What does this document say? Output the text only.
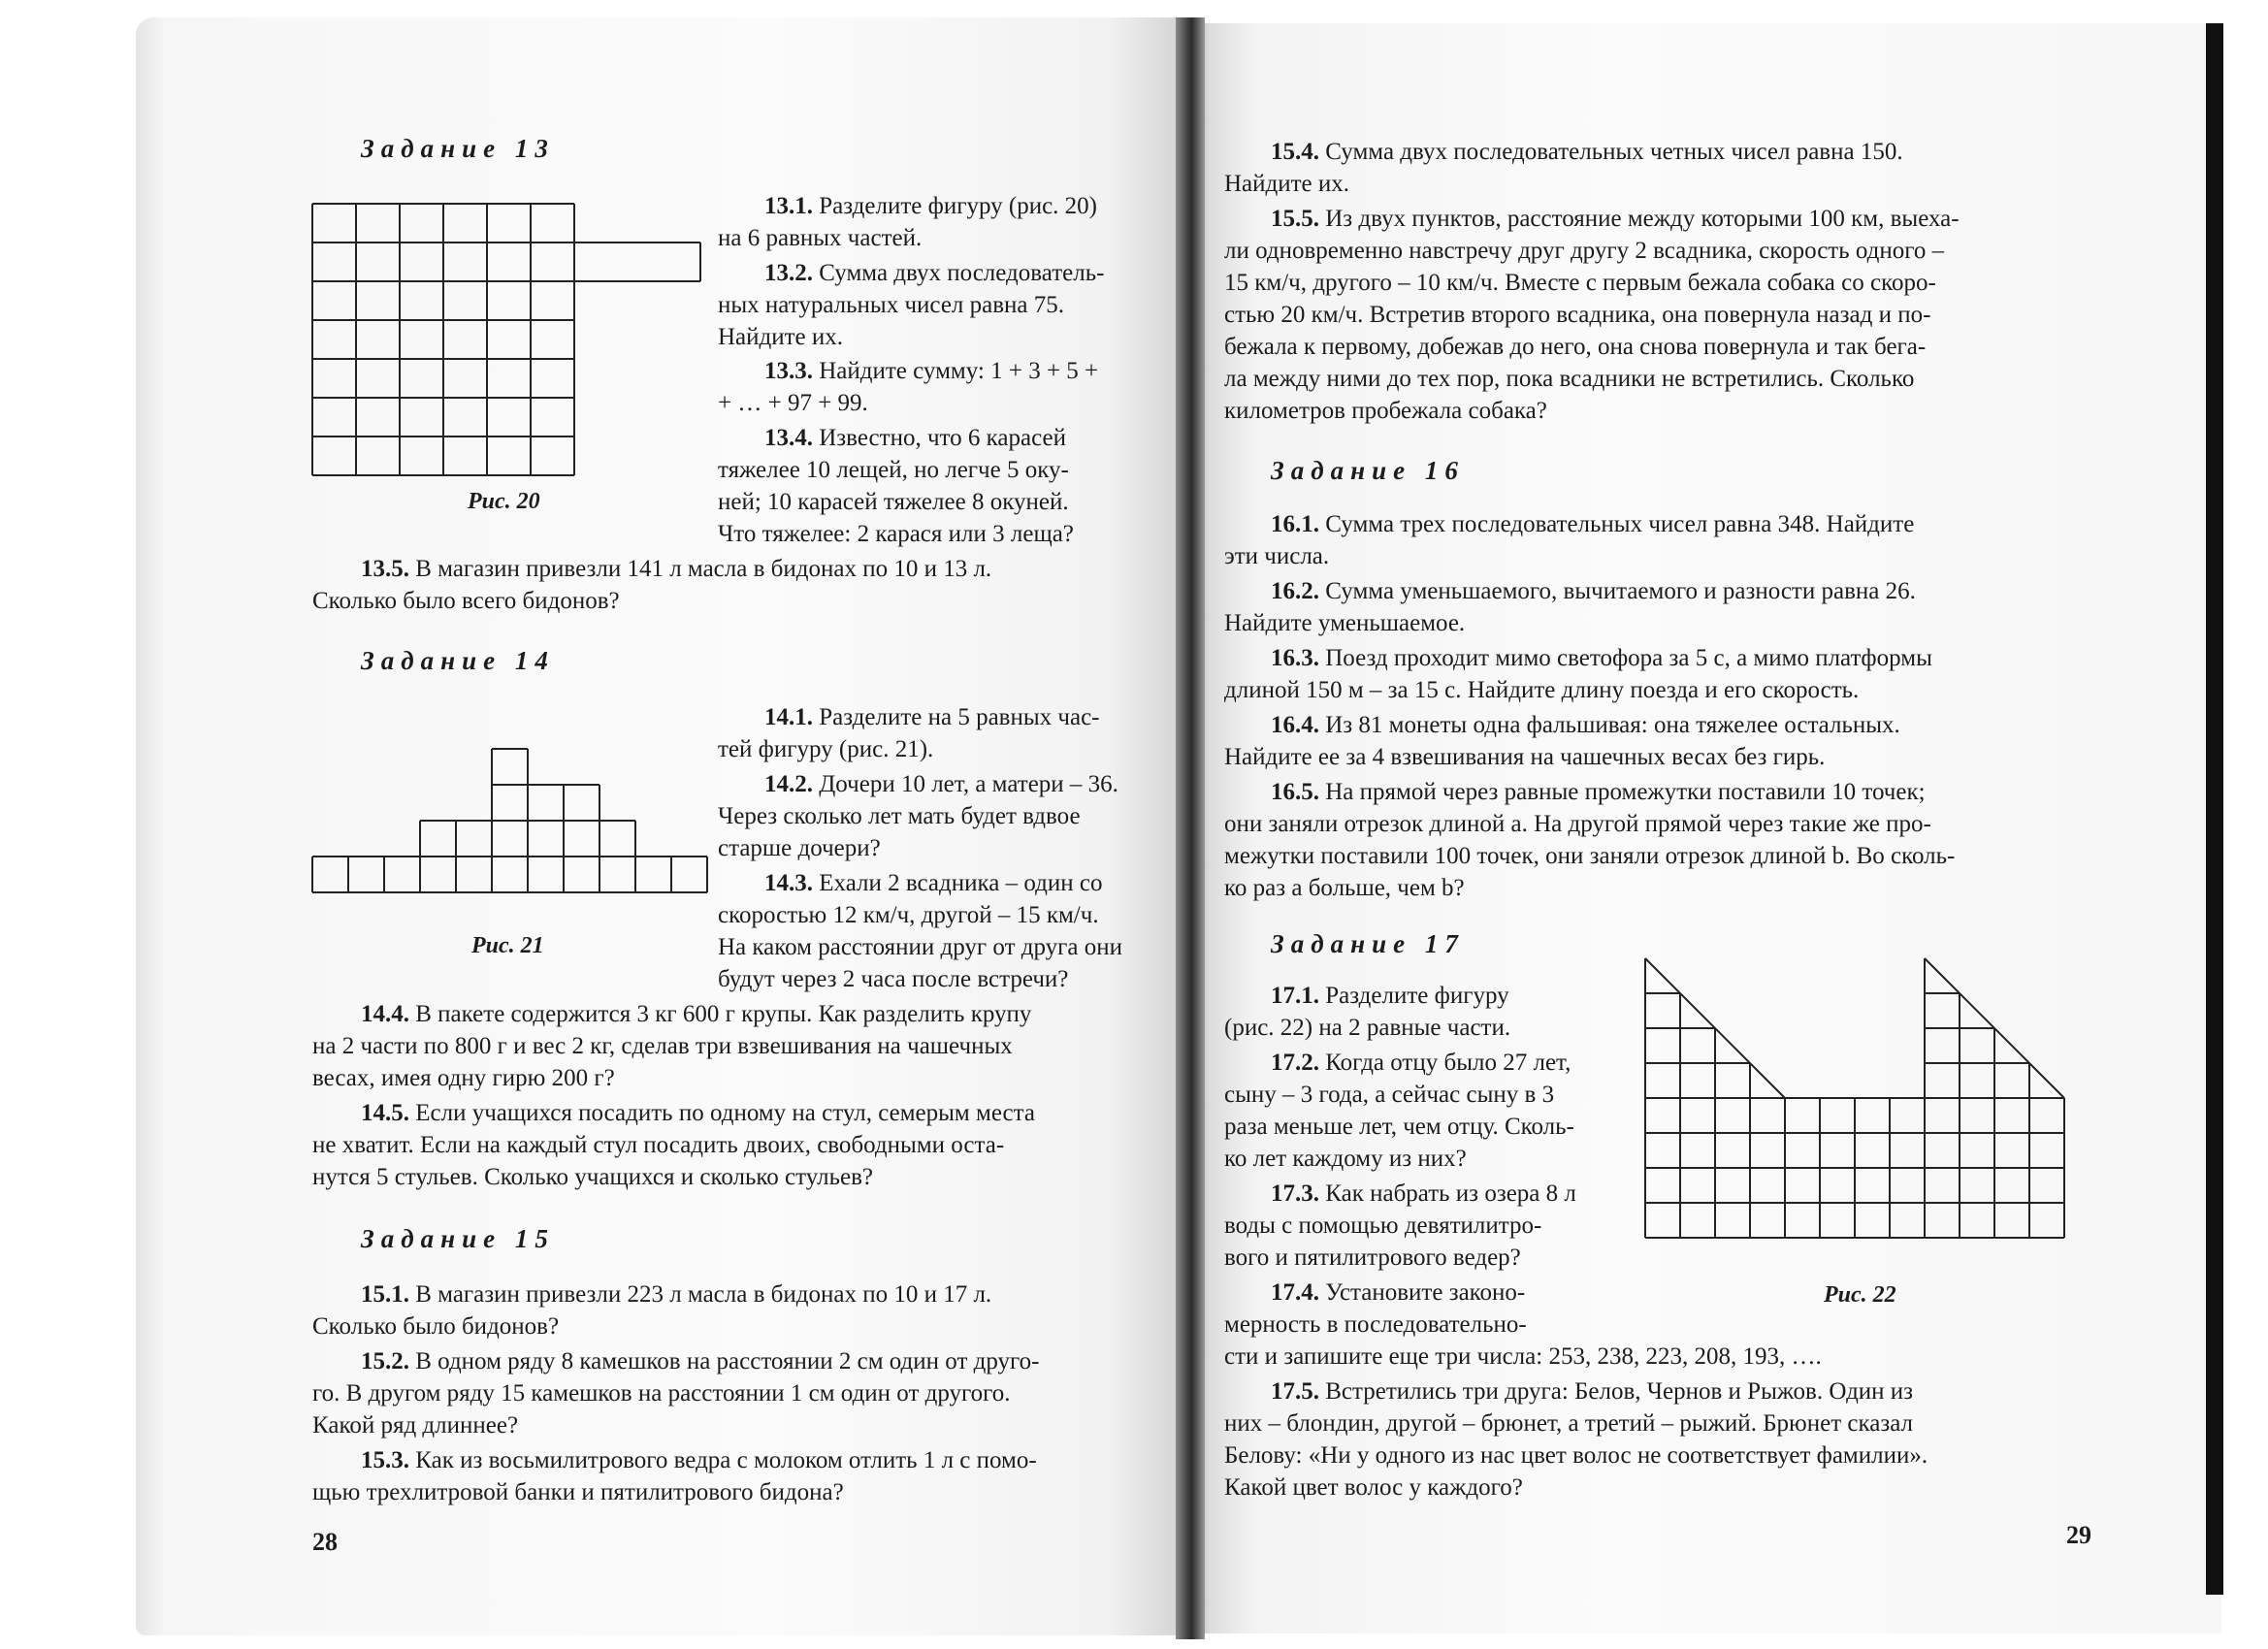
Задание 13
Рис. 20
13.1. Разделите фигуру (рис. 20)
на 6 равных частей.
13.2. Сумма двух последователь-
ных натуральных чисел равна 75.
Найдите их.
13.3. Найдите сумму: 1 + 3 + 5 +
+ … + 97 + 99.
13.4. Известно, что 6 карасей
тяжелее 10 лещей, но легче 5 оку-
ней; 10 карасей тяжелее 8 окуней.
Что тяжелее: 2 карася или 3 леща?
13.5. В магазин привезли 141 л масла в бидонах по 10 и 13 л.
Сколько было всего бидонов?
Задание 14
Рис. 21
14.1. Разделите на 5 равных час-
тей фигуру (рис. 21).
14.2. Дочери 10 лет, а матери – 36.
Через сколько лет мать будет вдвое
старше дочери?
14.3. Ехали 2 всадника – один со
скоростью 12 км/ч, другой – 15 км/ч.
На каком расстоянии друг от друга они
будут через 2 часа после встречи?
14.4. В пакете содержится 3 кг 600 г крупы. Как разделить крупу
на 2 части по 800 г и вес 2 кг, сделав три взвешивания на чашечных
весах, имея одну гирю 200 г?
14.5. Если учащихся посадить по одному на стул, семерым места
не хватит. Если на каждый стул посадить двоих, свободными оста-
нутся 5 стульев. Сколько учащихся и сколько стульев?
Задание 15
15.1. В магазин привезли 223 л масла в бидонах по 10 и 17 л.
Сколько было бидонов?
15.2. В одном ряду 8 камешков на расстоянии 2 см один от друго-
го. В другом ряду 15 камешков на расстоянии 1 см один от другого.
Какой ряд длиннее?
15.3. Как из восьмилитрового ведра с молоком отлить 1 л с помо-
щью трехлитровой банки и пятилитрового бидона?
28
15.4. Сумма двух последовательных четных чисел равна 150.
Найдите их.
15.5. Из двух пунктов, расстояние между которыми 100 км, выеха-
ли одновременно навстречу друг другу 2 всадника, скорость одного –
15 км/ч, другого – 10 км/ч. Вместе с первым бежала собака со скоро-
стью 20 км/ч. Встретив второго всадника, она повернула назад и по-
бежала к первому, добежав до него, она снова повернула и так бега-
ла между ними до тех пор, пока всадники не встретились. Сколько
километров пробежала собака?
Задание 16
16.1. Сумма трех последовательных чисел равна 348. Найдите
эти числа.
16.2. Сумма уменьшаемого, вычитаемого и разности равна 26.
Найдите уменьшаемое.
16.3. Поезд проходит мимо светофора за 5 с, а мимо платформы
длиной 150 м – за 15 с. Найдите длину поезда и его скорость.
16.4. Из 81 монеты одна фальшивая: она тяжелее остальных.
Найдите ее за 4 взвешивания на чашечных весах без гирь.
16.5. На прямой через равные промежутки поставили 10 точек;
они заняли отрезок длиной a. На другой прямой через такие же про-
межутки поставили 100 точек, они заняли отрезок длиной b. Во сколь-
ко раз a больше, чем b?
Задание 17
17.1. Разделите фигуру
(рис. 22) на 2 равные части.
17.2. Когда отцу было 27 лет,
сыну – 3 года, а сейчас сыну в 3
раза меньше лет, чем отцу. Сколь-
ко лет каждому из них?
17.3. Как набрать из озера 8 л
воды с помощью девятилитро-
вого и пятилитрового ведер?
17.4. Установите законо-
мерность в последовательно-
сти и запишите еще три числа: 253, 238, 223, 208, 193, ….
Рис. 22
17.5. Встретились три друга: Белов, Чернов и Рыжов. Один из
них – блондин, другой – брюнет, а третий – рыжий. Брюнет сказал
Белову: «Ни у одного из нас цвет волос не соответствует фамилии».
Какой цвет волос у каждого?
29
